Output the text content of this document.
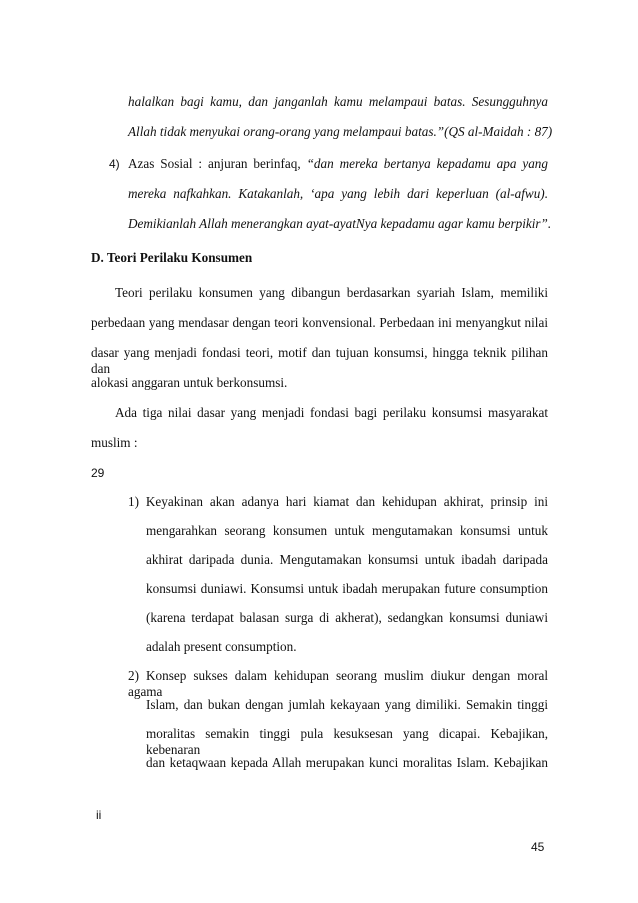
halalkan bagi kamu, dan janganlah kamu melampaui batas. Sesungguhnya
Allah tidak menyukai orang-orang yang melampaui batas.”(QS al-Maidah : 87)
4) Azas Sosial : anjuran berinfaq, “dan mereka bertanya kepadamu apa yang
mereka nafkahkan. Katakanlah, ‘apa yang lebih dari keperluan (al-afwu).
Demikianlah Allah menerangkan ayat-ayatNya kepadamu agar kamu berpikir”.
D. Teori Perilaku Konsumen
Teori perilaku konsumen yang dibangun berdasarkan syariah Islam, memiliki
perbedaan yang mendasar dengan teori konvensional. Perbedaan ini menyangkut nilai
dasar yang menjadi fondasi teori, motif dan tujuan konsumsi, hingga teknik pilihan dan
alokasi anggaran untuk berkonsumsi.
Ada tiga nilai dasar yang menjadi fondasi bagi perilaku konsumsi masyarakat
muslim :
29
1) Keyakinan akan adanya hari kiamat dan kehidupan akhirat, prinsip ini
mengarahkan seorang konsumen untuk mengutamakan konsumsi untuk
akhirat daripada dunia. Mengutamakan konsumsi untuk ibadah daripada
konsumsi duniawi. Konsumsi untuk ibadah merupakan future consumption
(karena terdapat balasan surga di akherat), sedangkan konsumsi duniawi
adalah present consumption.
2) Konsep sukses dalam kehidupan seorang muslim diukur dengan moral agama
Islam, dan bukan dengan jumlah kekayaan yang dimiliki. Semakin tinggi
moralitas semakin tinggi pula kesuksesan yang dicapai. Kebajikan, kebenaran
dan ketaqwaan kepada Allah merupakan kunci moralitas Islam. Kebajikan
ii
45
